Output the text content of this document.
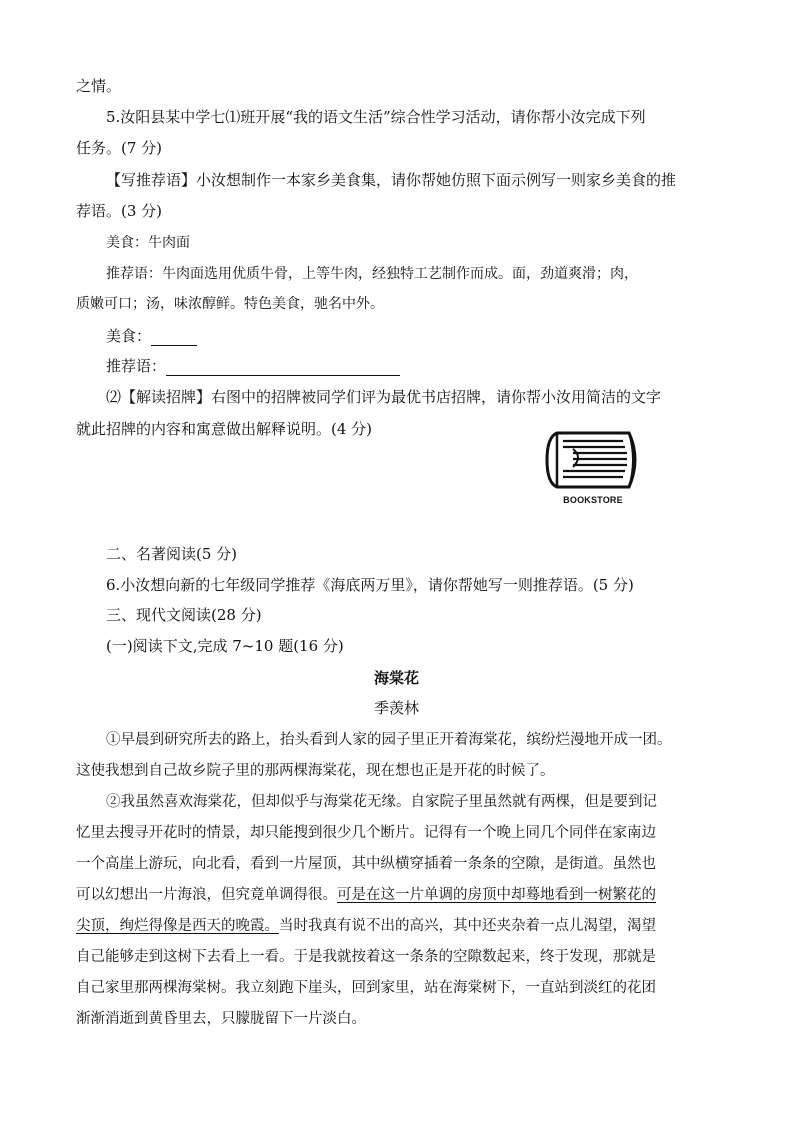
之情。
5.汝阳县某中学七⑴班开展“我的语文生活”综合性学习活动，请你帮小汝完成下列
任务。(7 分)
【写推荐语】小汝想制作一本家乡美食集，请你帮她仿照下面示例写一则家乡美食的推
荐语。(3 分)
美食：牛肉面
推荐语：牛肉面选用优质牛骨，上等牛肉，经独特工艺制作而成。面，劲道爽滑；肉，
质嫩可口；汤，味浓醇鲜。特色美食，驰名中外。
美食：
推荐语：
⑵【解读招牌】右图中的招牌被同学们评为最优书店招牌，请你帮小汝用简洁的文字
就此招牌的内容和寓意做出解释说明。(4 分)
BOOKSTORE
二、名著阅读(5 分)
6.小汝想向新的七年级同学推荐《海底两万里》，请你帮她写一则推荐语。(5 分)
三、现代文阅读(28 分)
(一)阅读下文,完成 7~10 题(16 分)
海棠花
季羡林
①早晨到研究所去的路上，抬头看到人家的园子里正开着海棠花，缤纷烂漫地开成一团。
这使我想到自己故乡院子里的那两棵海棠花，现在想也正是开花的时候了。
②我虽然喜欢海棠花，但却似乎与海棠花无缘。自家院子里虽然就有两棵，但是要到记
忆里去搜寻开花时的情景，却只能搜到很少几个断片。记得有一个晚上同几个同伴在家南边
一个高崖上游玩，向北看，看到一片屋顶，其中纵横穿插着一条条的空隙，是街道。虽然也
可以幻想出一片海浪，但究竟单调得很。可是在这一片单调的房顶中却蓦地看到一树繁花的
尖顶，绚烂得像是西天的晚霞。当时我真有说不出的高兴，其中还夹杂着一点儿渴望，渴望
自己能够走到这树下去看上一看。于是我就按着这一条条的空隙数起来，终于发现，那就是
自己家里那两棵海棠树。我立刻跑下崖头，回到家里，站在海棠树下，一直站到淡红的花团
渐渐消逝到黄昏里去，只朦胧留下一片淡白。
